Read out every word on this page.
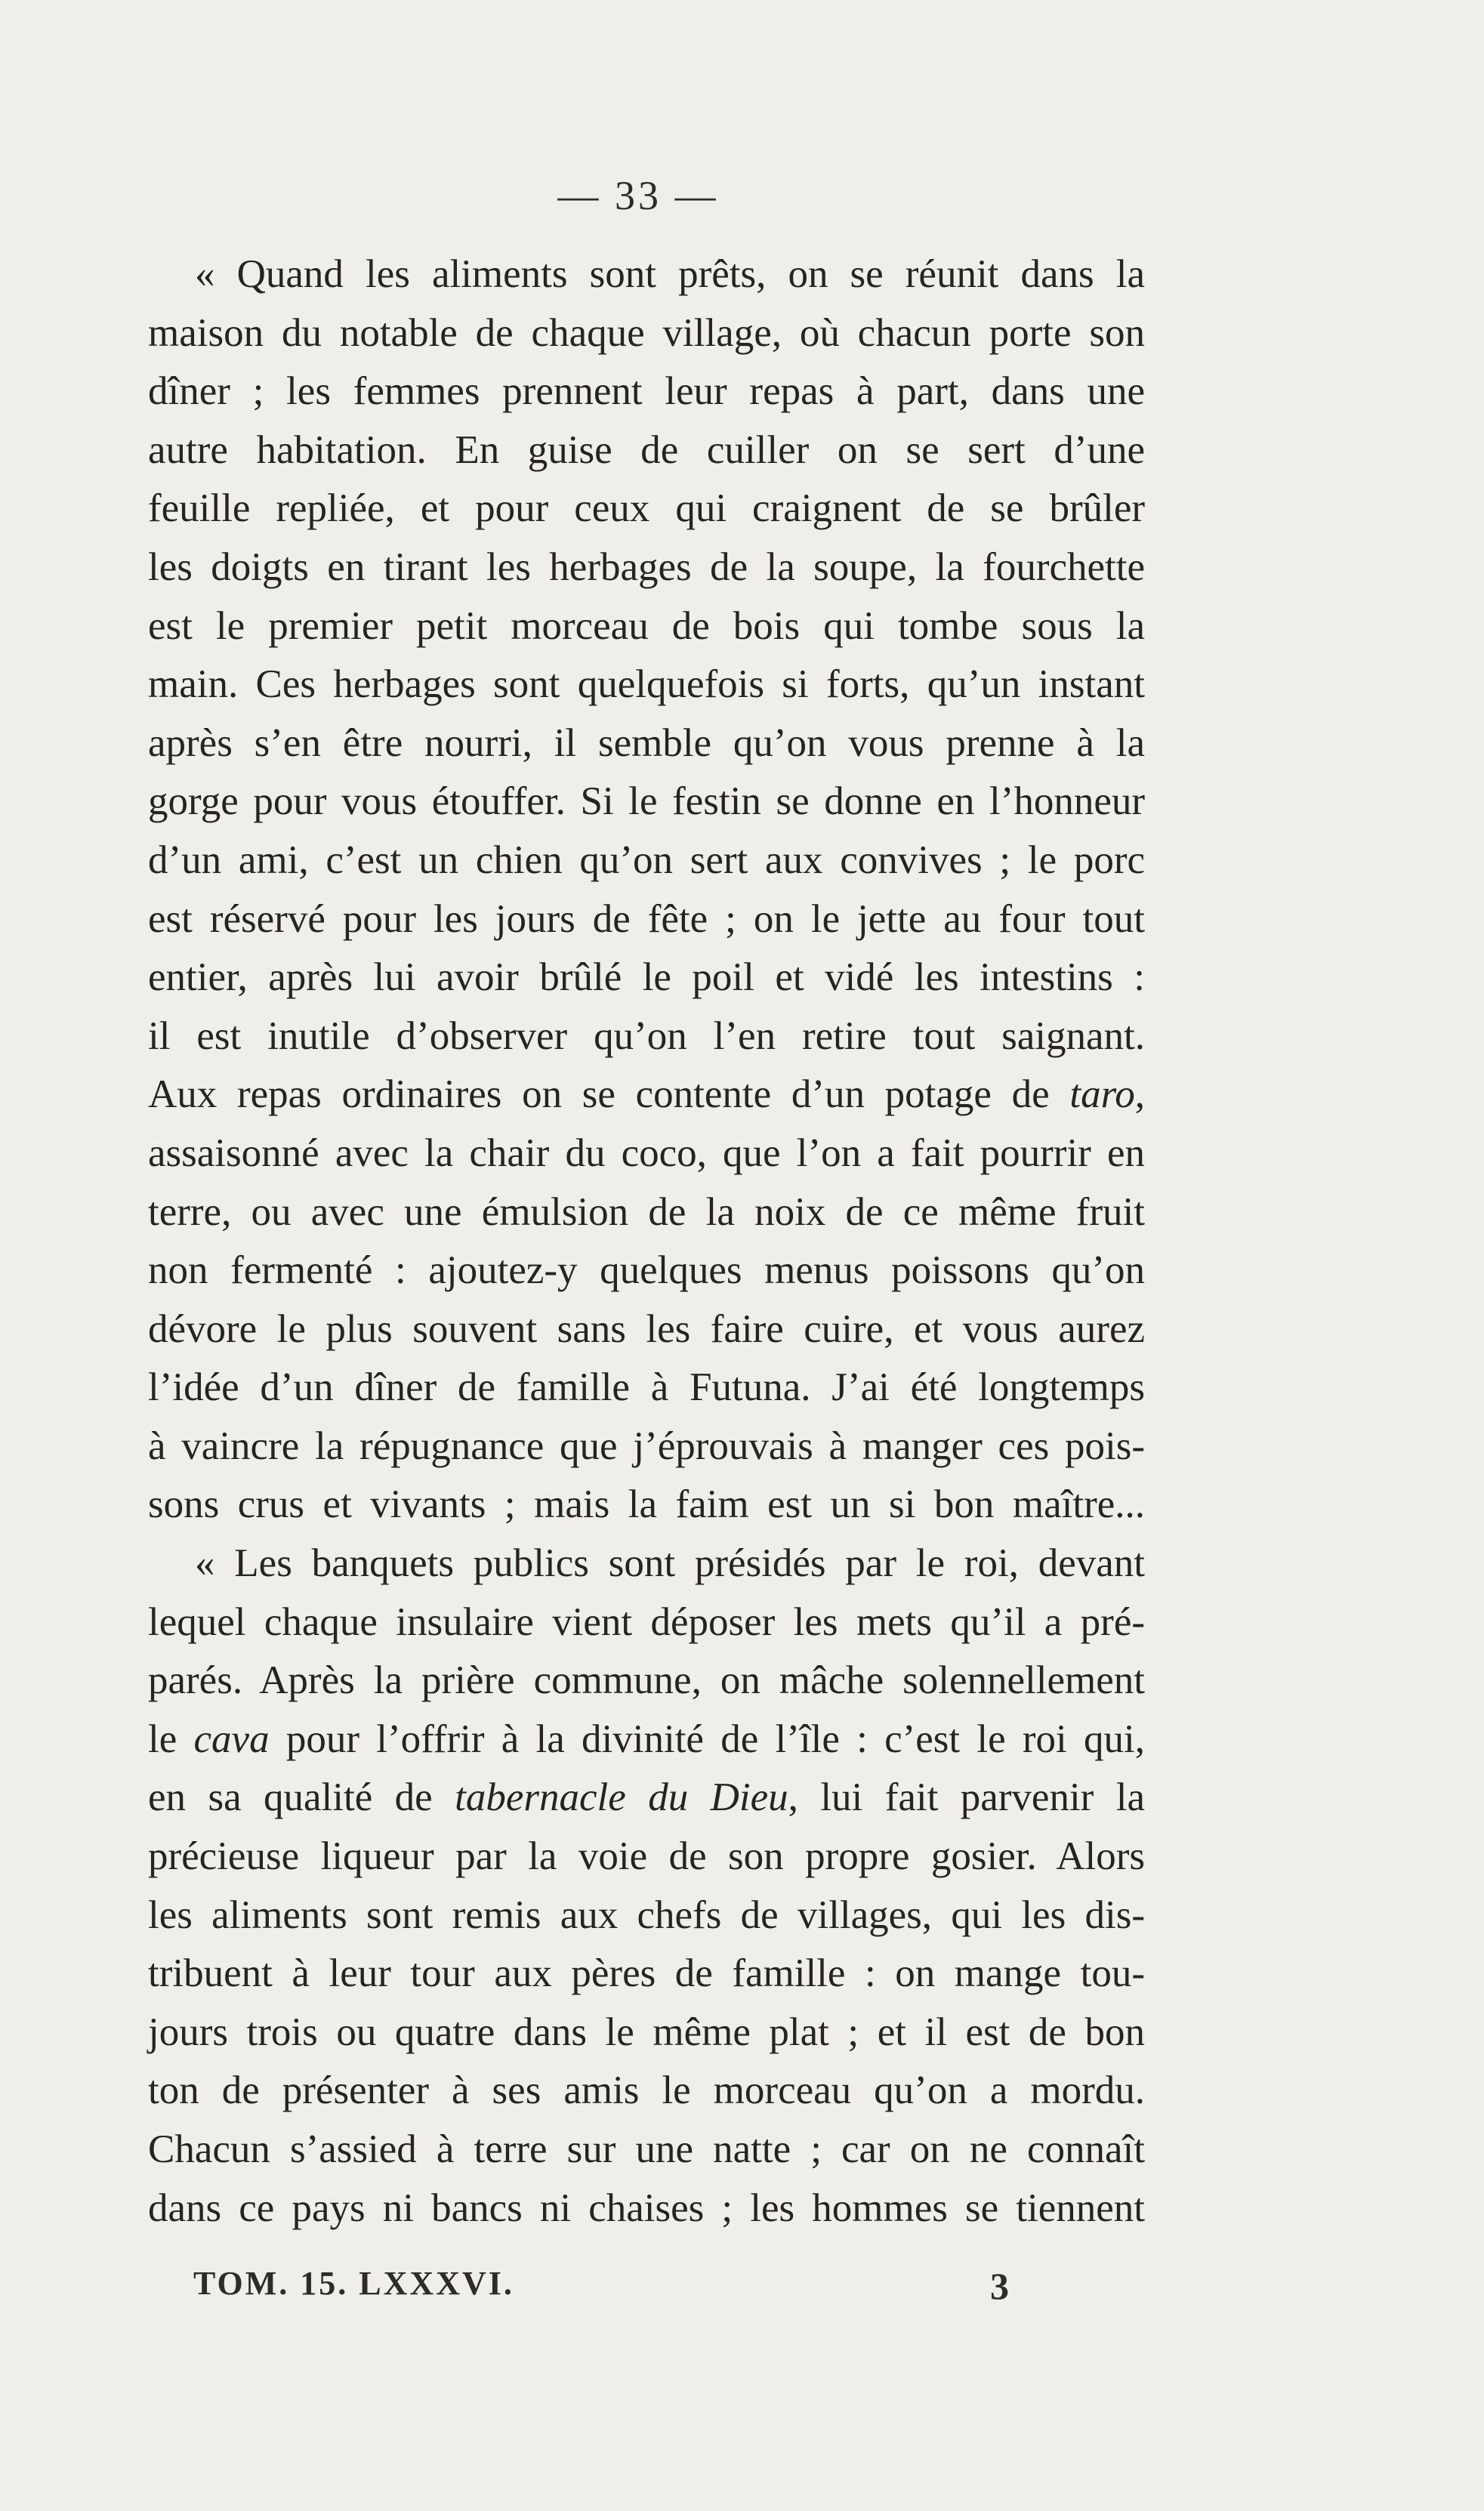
— 33 —
« Quand les aliments sont prêts, on se réunit dans la
maison du notable de chaque village, où chacun porte son
dîner ; les femmes prennent leur repas à part, dans une
autre habitation. En guise de cuiller on se sert d’une
feuille repliée, et pour ceux qui craignent de se brûler
les doigts en tirant les herbages de la soupe, la fourchette
est le premier petit morceau de bois qui tombe sous la
main. Ces herbages sont quelquefois si forts, qu’un instant
après s’en être nourri, il semble qu’on vous prenne à la
gorge pour vous étouffer. Si le festin se donne en l’honneur
d’un ami, c’est un chien qu’on sert aux convives ; le porc
est réservé pour les jours de fête ; on le jette au four tout
entier, après lui avoir brûlé le poil et vidé les intestins :
il est inutile d’observer qu’on l’en retire tout saignant.
Aux repas ordinaires on se contente d’un potage de taro,
assaisonné avec la chair du coco, que l’on a fait pourrir en
terre, ou avec une émulsion de la noix de ce même fruit
non fermenté : ajoutez-y quelques menus poissons qu’on
dévore le plus souvent sans les faire cuire, et vous aurez
l’idée d’un dîner de famille à Futuna. J’ai été longtemps
à vaincre la répugnance que j’éprouvais à manger ces pois-
sons crus et vivants ; mais la faim est un si bon maître...
« Les banquets publics sont présidés par le roi, devant
lequel chaque insulaire vient déposer les mets qu’il a pré-
parés. Après la prière commune, on mâche solennellement
le cava pour l’offrir à la divinité de l’île : c’est le roi qui,
en sa qualité de tabernacle du Dieu, lui fait parvenir la
précieuse liqueur par la voie de son propre gosier. Alors
les aliments sont remis aux chefs de villages, qui les dis-
tribuent à leur tour aux pères de famille : on mange tou-
jours trois ou quatre dans le même plat ; et il est de bon
ton de présenter à ses amis le morceau qu’on a mordu.
Chacun s’assied à terre sur une natte ; car on ne connaît
dans ce pays ni bancs ni chaises ; les hommes se tiennent
TOM. 15. LXXXVI.	3
